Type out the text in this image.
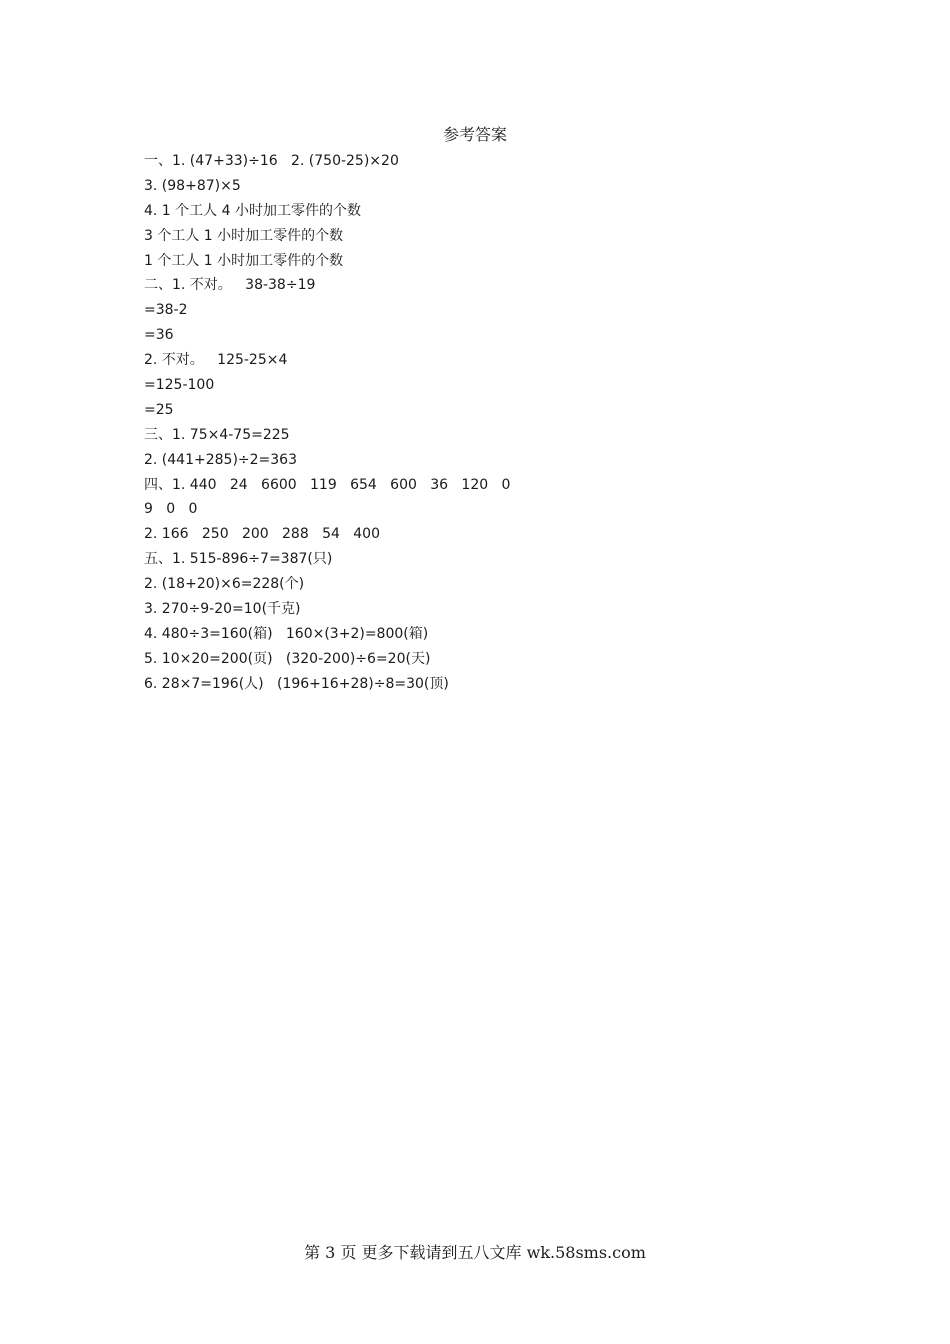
参考答案
一、1. (47+33)÷16   2. (750-25)×20
3. (98+87)×5
4. 1 个工人 4 小时加工零件的个数
3 个工人 1 小时加工零件的个数
1 个工人 1 小时加工零件的个数
二、1. 不对。   38-38÷19
=38-2
=36
2. 不对。   125-25×4
=125-100
=25
三、1. 75×4-75=225
2. (441+285)÷2=363
四、1. 440   24   6600   119   654   600   36   120   0
9   0   0
2. 166   250   200   288   54   400
五、1. 515-896÷7=387(只)
2. (18+20)×6=228(个)
3. 270÷9-20=10(千克)
4. 480÷3=160(箱)   160×(3+2)=800(箱)
5. 10×20=200(页)   (320-200)÷6=20(天)
6. 28×7=196(人)   (196+16+28)÷8=30(顶)
第 3 页 更多下载请到五八文库 wk.58sms.com
